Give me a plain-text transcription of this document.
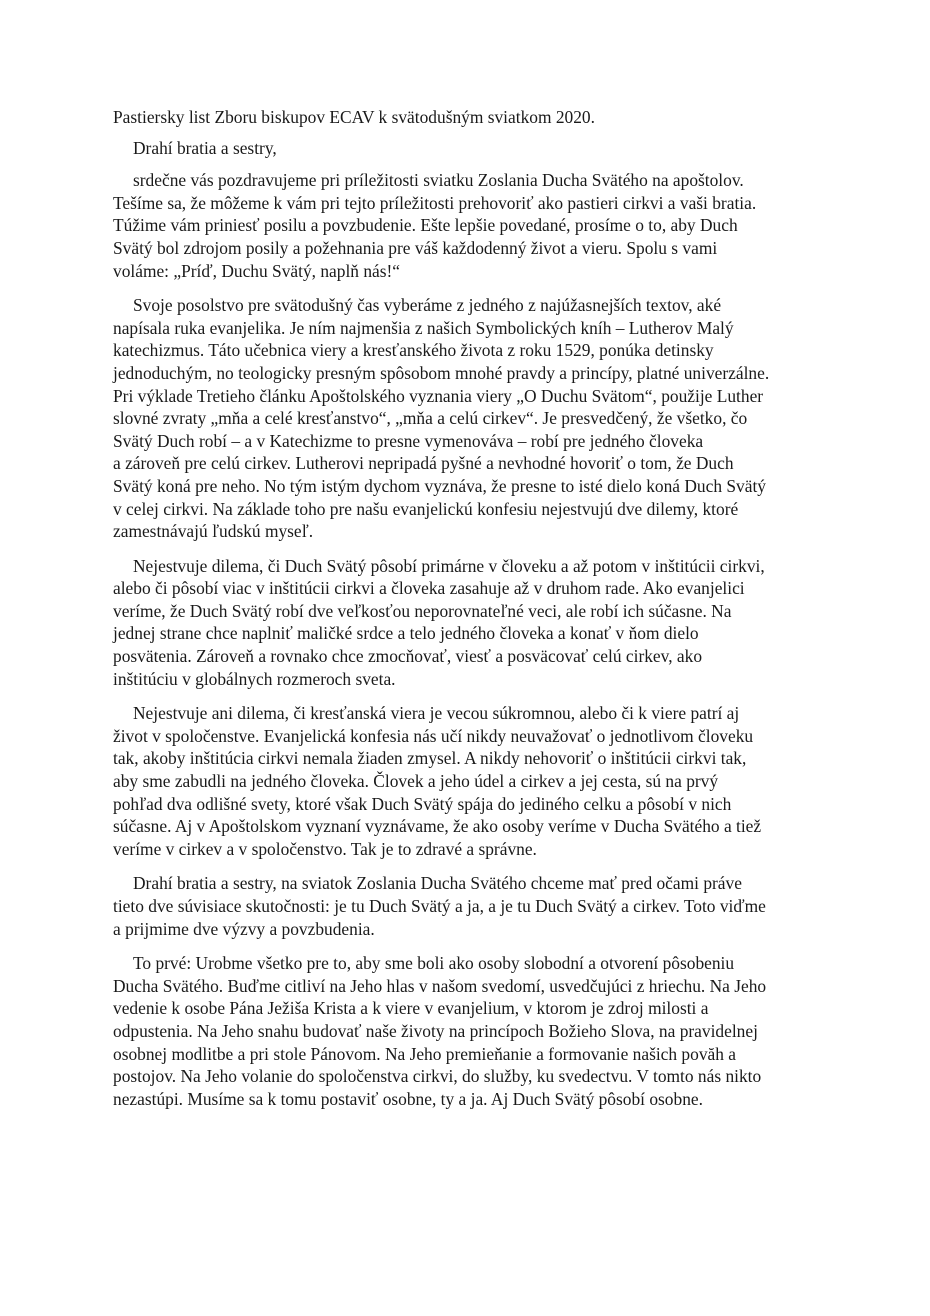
Pastiersky list Zboru biskupov ECAV k svätodušným sviatkom 2020.
Drahí bratia a sestry,
srdečne vás pozdravujeme pri príležitosti sviatku Zoslania Ducha Svätého na apoštolov.
Tešíme sa, že môžeme k vám pri tejto príležitosti prehovoriť ako pastieri cirkvi a vaši bratia.
Túžime vám priniesť posilu a povzbudenie. Ešte lepšie povedané, prosíme o to, aby Duch
Svätý bol zdrojom posily a požehnania pre váš každodenný život a vieru. Spolu s vami
voláme: „Príď, Duchu Svätý, naplň nás!“
Svoje posolstvo pre svätodušný čas vyberáme z jedného z najúžasnejších textov, aké
napísala ruka evanjelika. Je ním najmenšia z našich Symbolických kníh – Lutherov Malý
katechizmus. Táto učebnica viery a kresťanského života z roku 1529, ponúka detinsky
jednoduchým, no teologicky presným spôsobom mnohé pravdy a princípy, platné univerzálne.
Pri výklade Tretieho článku Apoštolského vyznania viery „O Duchu Svätom“, použije Luther
slovné zvraty „mňa a celé kresťanstvo“, „mňa a celú cirkev“. Je presvedčený, že všetko, čo
Svätý Duch robí – a v Katechizme to presne vymenováva – robí pre jedného človeka
a zároveň pre celú cirkev. Lutherovi nepripadá pyšné a nevhodné hovoriť o tom, že Duch
Svätý koná pre neho. No tým istým dychom vyznáva, že presne to isté dielo koná Duch Svätý
v celej cirkvi. Na základe toho pre našu evanjelickú konfesiu nejestvujú dve dilemy, ktoré
zamestnávajú ľudskú myseľ.
Nejestvuje dilema, či Duch Svätý pôsobí primárne v človeku a až potom v inštitúcii cirkvi,
alebo či pôsobí viac v inštitúcii cirkvi a človeka zasahuje až v druhom rade. Ako evanjelici
veríme, že Duch Svätý robí dve veľkosťou neporovnateľné veci, ale robí ich súčasne. Na
jednej strane chce naplniť maličké srdce a telo jedného človeka a konať v ňom dielo
posvätenia. Zároveň a rovnako chce zmocňovať, viesť a posväcovať celú cirkev, ako
inštitúciu v globálnych rozmeroch sveta.
Nejestvuje ani dilema, či kresťanská viera je vecou súkromnou, alebo či k viere patrí aj
život v spoločenstve. Evanjelická konfesia nás učí nikdy neuvažovať o jednotlivom človeku
tak, akoby inštitúcia cirkvi nemala žiaden zmysel. A nikdy nehovoriť o inštitúcii cirkvi tak,
aby sme zabudli na jedného človeka. Človek a jeho údel a cirkev a jej cesta, sú na prvý
pohľad dva odlišné svety, ktoré však Duch Svätý spája do jediného celku a pôsobí v nich
súčasne. Aj v Apoštolskom vyznaní vyznávame, že ako osoby veríme v Ducha Svätého a tiež
veríme v cirkev a v spoločenstvo. Tak je to zdravé a správne.
Drahí bratia a sestry, na sviatok Zoslania Ducha Svätého chceme mať pred očami práve
tieto dve súvisiace skutočnosti: je tu Duch Svätý a ja, a je tu Duch Svätý a cirkev. Toto viďme
a prijmime dve výzvy a povzbudenia.
To prvé: Urobme všetko pre to, aby sme boli ako osoby slobodní a otvorení pôsobeniu
Ducha Svätého. Buďme citliví na Jeho hlas v našom svedomí, usvedčujúci z hriechu. Na Jeho
vedenie k osobe Pána Ježiša Krista a k viere v evanjelium, v ktorom je zdroj milosti a
odpustenia. Na Jeho snahu budovať naše životy na princípoch Božieho Slova, na pravidelnej
osobnej modlitbe a pri stole Pánovom. Na Jeho premieňanie a formovanie našich povăh a
postojov. Na Jeho volanie do spoločenstva cirkvi, do služby, ku svedectvu. V tomto nás nikto
nezastúpi. Musíme sa k tomu postaviť osobne, ty a ja. Aj Duch Svätý pôsobí osobne.
